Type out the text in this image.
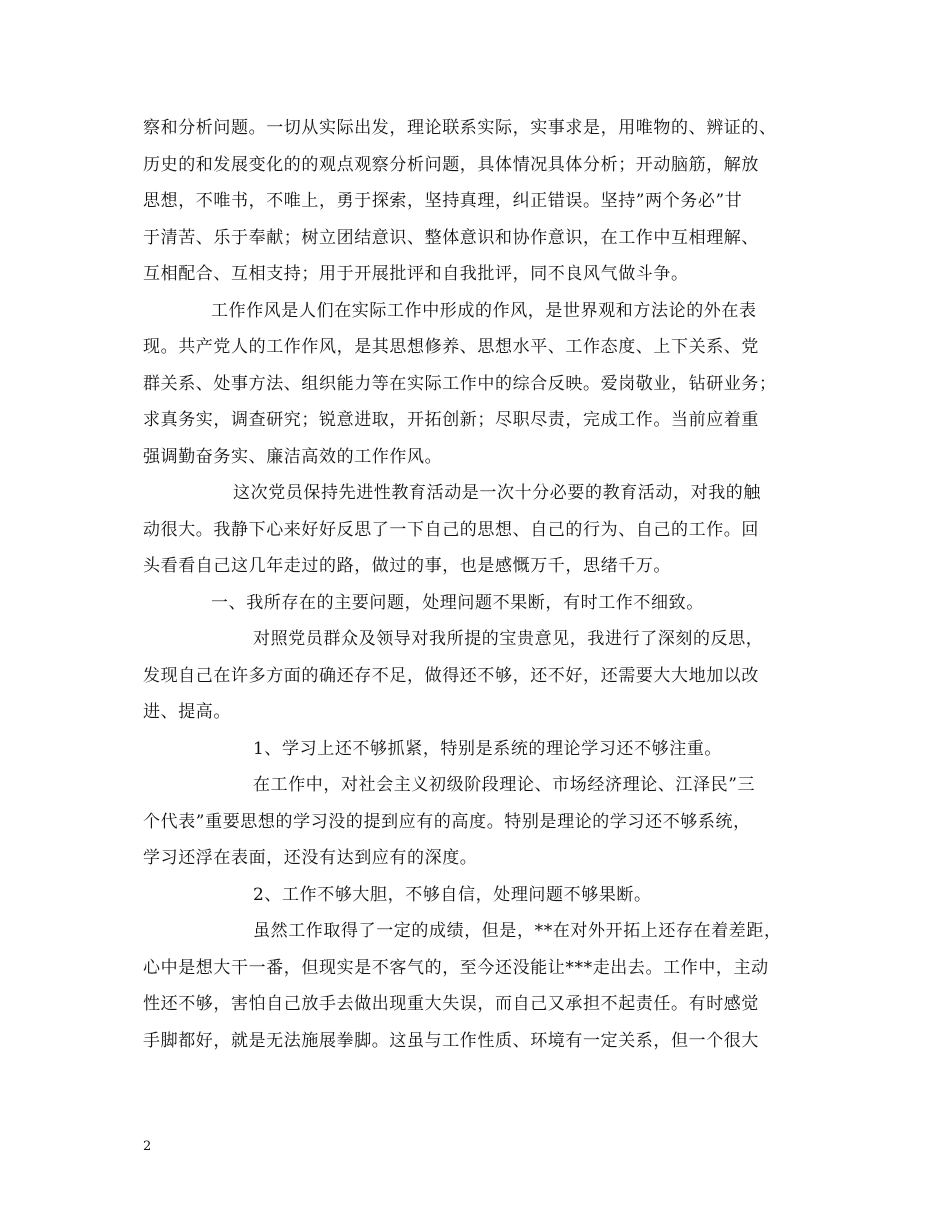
察和分析问题。一切从实际出发，理论联系实际，实事求是，用唯物的、辨证的、
历史的和发展变化的的观点观察分析问题，具体情况具体分析；开动脑筋，解放
思想，不唯书，不唯上，勇于探索，坚持真理，纠正错误。坚持”两个务必”甘
于清苦、乐于奉献；树立团结意识、整体意识和协作意识，在工作中互相理解、
互相配合、互相支持；用于开展批评和自我批评，同不良风气做斗争。
工作作风是人们在实际工作中形成的作风，是世界观和方法论的外在表
现。共产党人的工作作风，是其思想修养、思想水平、工作态度、上下关系、党
群关系、处事方法、组织能力等在实际工作中的综合反映。爱岗敬业，钻研业务；
求真务实，调查研究；锐意进取，开拓创新；尽职尽责，完成工作。当前应着重
强调勤奋务实、廉洁高效的工作作风。
这次党员保持先进性教育活动是一次十分必要的教育活动，对我的触
动很大。我静下心来好好反思了一下自己的思想、自己的行为、自己的工作。回
头看看自己这几年走过的路，做过的事，也是感慨万千，思绪千万。
一、我所存在的主要问题，处理问题不果断，有时工作不细致。
对照党员群众及领导对我所提的宝贵意见，我进行了深刻的反思，
发现自己在许多方面的确还存不足，做得还不够，还不好，还需要大大地加以改
进、提高。
1、学习上还不够抓紧，特别是系统的理论学习还不够注重。
在工作中，对社会主义初级阶段理论、市场经济理论、江泽民”三
个代表”重要思想的学习没的提到应有的高度。特别是理论的学习还不够系统，
学习还浮在表面，还没有达到应有的深度。
2、工作不够大胆，不够自信，处理问题不够果断。
虽然工作取得了一定的成绩，但是，**在对外开拓上还存在着差距，
心中是想大干一番，但现实是不客气的，至今还没能让***走出去。工作中，主动
性还不够，害怕自己放手去做出现重大失误，而自己又承担不起责任。有时感觉
手脚都好，就是无法施展拳脚。这虽与工作性质、环境有一定关系，但一个很大
2
